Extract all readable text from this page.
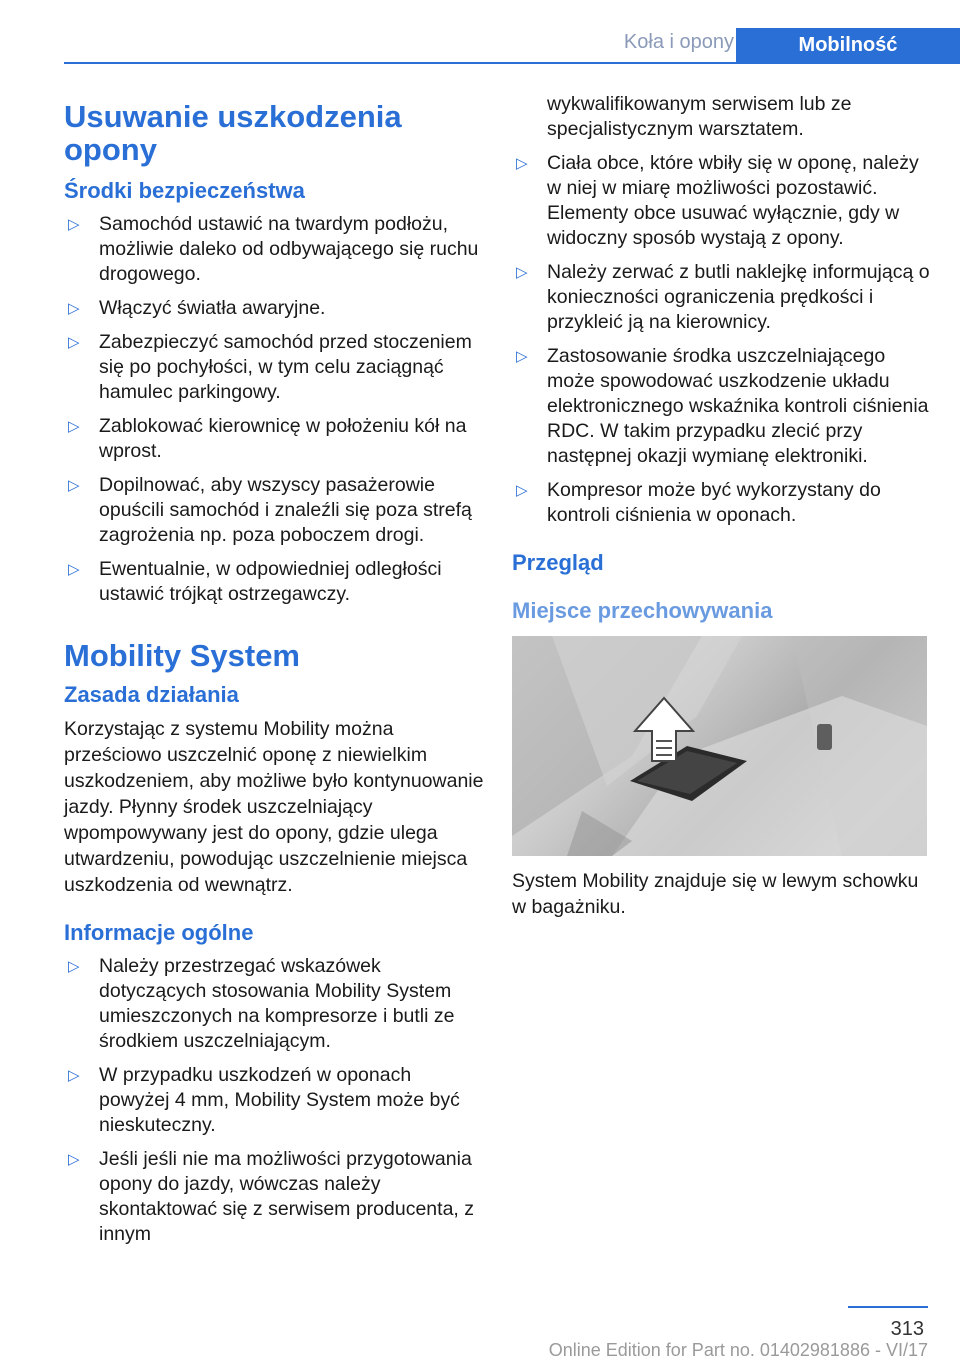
Koła i opony	Mobilność
Usuwanie uszkodzenia opony
Środki bezpieczeństwa
▷ Samochód ustawić na twardym podłożu, możliwie daleko od odbywającego się ruchu drogowego.
▷ Włączyć światła awaryjne.
▷ Zabezpieczyć samochód przed stoczeniem się po pochyłości, w tym celu zaciągnąć hamulec parkingowy.
▷ Zablokować kierownicę w położeniu kół na wprost.
▷ Dopilnować, aby wszyscy pasażerowie opuścili samochód i znaleźli się poza strefą zagrożenia np. poza poboczem drogi.
▷ Ewentualnie, w odpowiedniej odległości ustawić trójkąt ostrzegawczy.
Mobility System
Zasada działania

Korzystając z systemu Mobility można prześciowo uszczelnić oponę z niewielkim uszkodzeniem, aby możliwe było kontynuowanie jazdy. Płynny środek uszczelniający wpompowywany jest do opony, gdzie ulega utwardzeniu, powodując uszczelnienie miejsca uszkodzenia od wewnątrz.

Informacje ogólne
▷ Należy przestrzegać wskazówek dotyczących stosowania Mobility System umieszczonych na kompresorze i butli ze środkiem uszczelniającym.
▷ W przypadku uszkodzeń w oponach powyżej 4 mm, Mobility System może być nieskuteczny.
▷ Jeśli jeśli nie ma możliwości przygotowania opony do jazdy, wówczas należy skontaktować się z serwisem producenta, z innym

wykwalifikowanym serwisem lub ze specjalistycznym warsztatem.

▷ Ciała obce, które wbiły się w oponę, należy w niej w miarę możliwości pozostawić. Elementy obce usuwać wyłącznie, gdy w widoczny sposób wystają z opony.
▷ Należy zerwać z butli naklejkę informującą o konieczności ograniczenia prędkości i przykleić ją na kierownicy.
▷ Zastosowanie środka uszczelniającego może spowodować uszkodzenie układu elektronicznego wskaźnika kontroli ciśnienia RDC. W takim przypadku zlecić przy następnej okazji wymianę elektroniki.
▷ Kompresor może być wykorzystany do kontroli ciśnienia w oponach.
Przegląd
Miejsce przechowywania

System Mobility znajduje się w lewym schowku w bagażniku.

313
Online Edition for Part no. 01402981886 - VI/17
